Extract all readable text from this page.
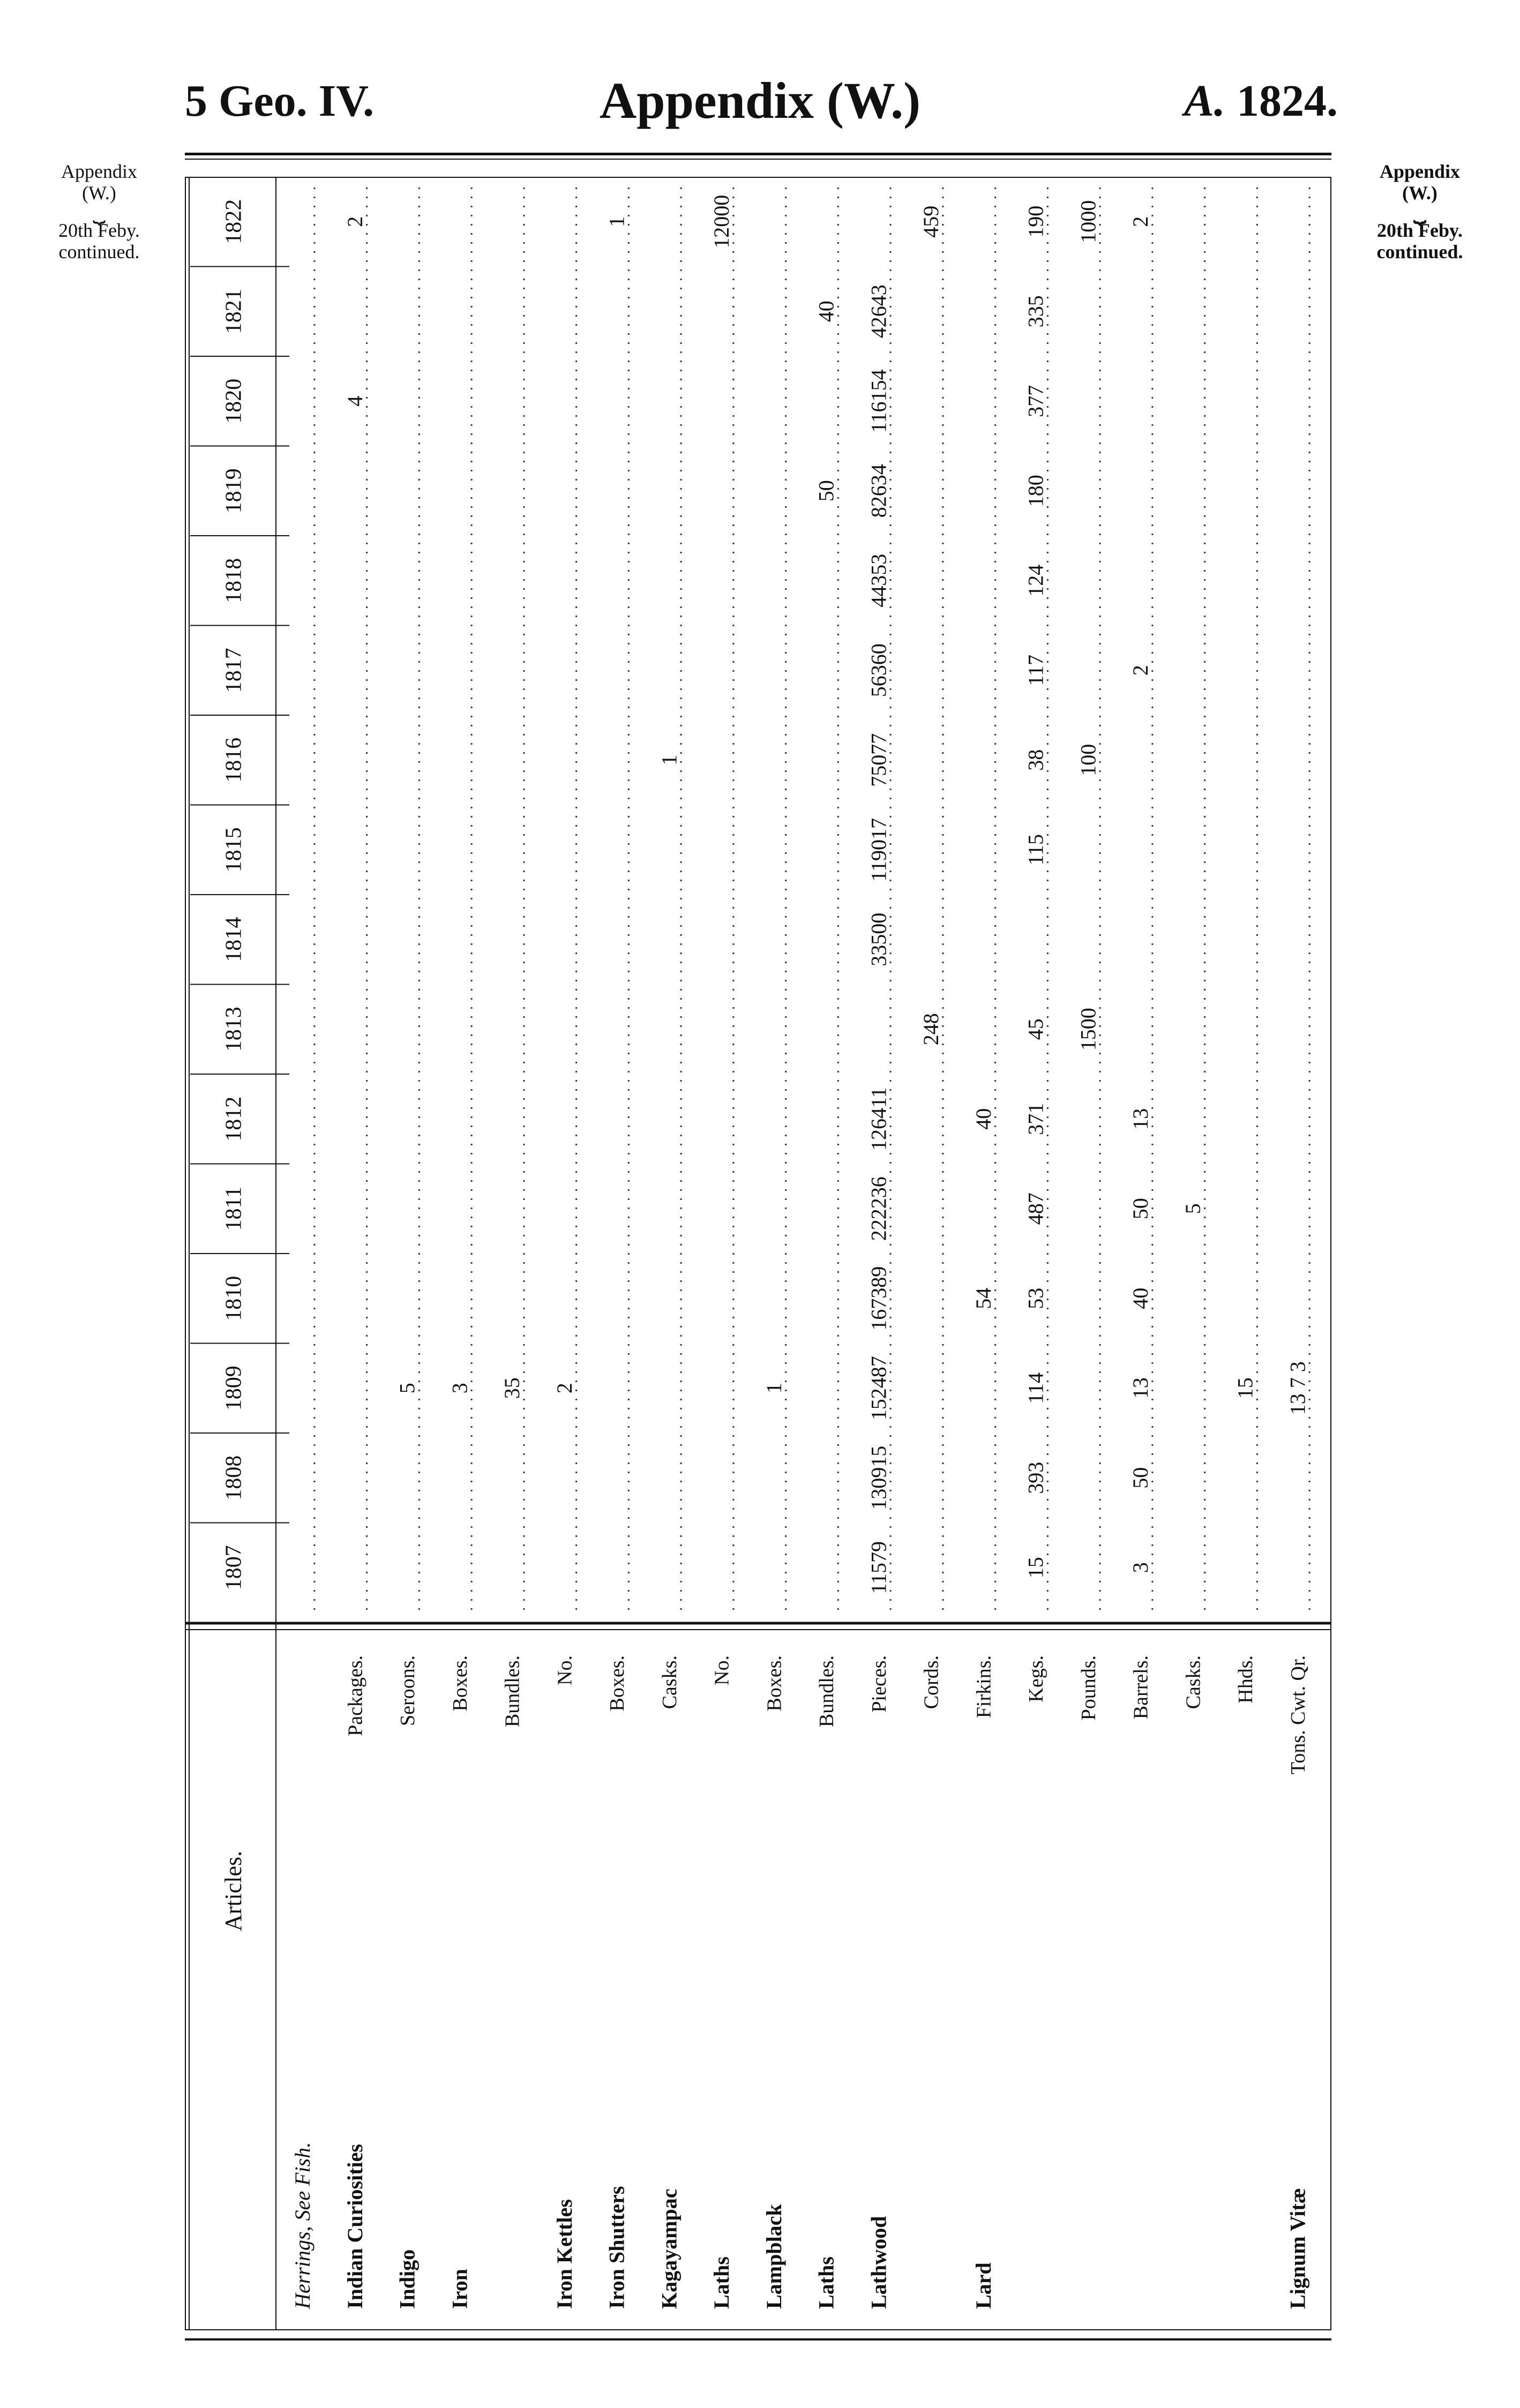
5 Geo. IV.	Appendix (W.)	A. 1824.
Appendix
(W.)
⏟
20th Feby.
continued.
Appendix
(W.)
⏟
20th Feby.
continued.
1807
1808
1809
1810
1811
1812
1813
1814
1815
1816
1817
1818
1819
1820
1821
1822
Articles.
Herrings, See Fish. Indian Curiosities
Packages.
4
2
Indigo
Seroons.
5
Iron
Boxes.
3
Bundles.
35
Iron Kettles
No.
2
Iron Shutters
Boxes.
1
Kagayampac
Casks.
1
Laths
No.
12000
Lampblack
Boxes.
1
Laths
Bundles.
50
40
Lathwood
Pieces.
11579
130915
152487
167389
222236
126411
33500
119017
75077
56360
44353
82634
116154
42643
Cords.
248
459
Lard
Firkins.
54
40
Kegs.
15
393
114
53
487
371
45
115
38
117
124
180
377
335
190
Pounds.
1500
100
1000
Barrels.
3
50
13
40
50
13
2
2
Casks.
5
Hhds.
15
Lignum Vitæ
Tons. Cwt. Qr.
13 7 3
